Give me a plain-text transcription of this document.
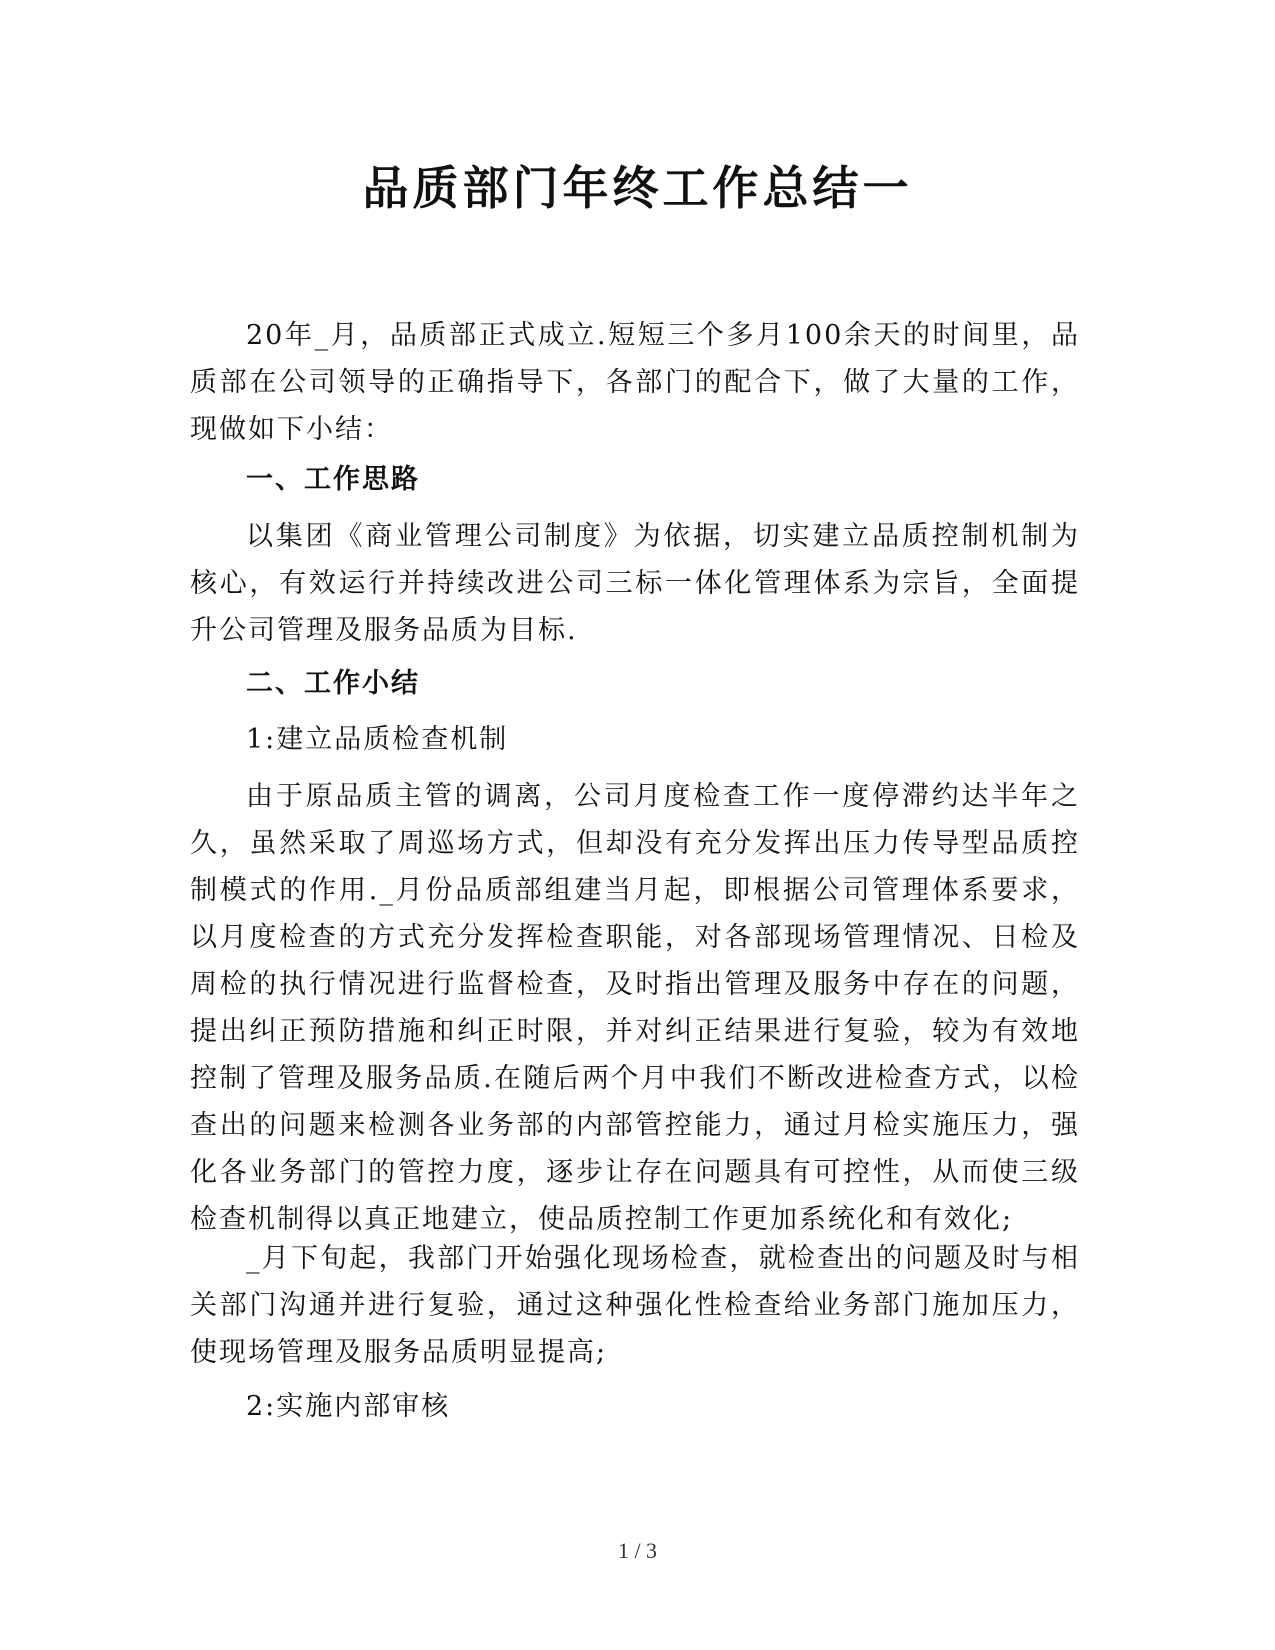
品质部门年终工作总结一

20年_月，品质部正式成立.短短三个多月100余天的时间里，品质部在公司领导的正确指导下，各部门的配合下，做了大量的工作，现做如下小结：

一、工作思路

以集团《商业管理公司制度》为依据，切实建立品质控制机制为核心，有效运行并持续改进公司三标一体化管理体系为宗旨，全面提升公司管理及服务品质为目标.

二、工作小结

1:建立品质检查机制

由于原品质主管的调离，公司月度检查工作一度停滞约达半年之久，虽然采取了周巡场方式，但却没有充分发挥出压力传导型品质控制模式的作用._月份品质部组建当月起，即根据公司管理体系要求，以月度检查的方式充分发挥检查职能，对各部现场管理情况、日检及周检的执行情况进行监督检查，及时指出管理及服务中存在的问题，提出纠正预防措施和纠正时限，并对纠正结果进行复验，较为有效地控制了管理及服务品质.在随后两个月中我们不断改进检查方式，以检查出的问题来检测各业务部的内部管控能力，通过月检实施压力，强化各业务部门的管控力度，逐步让存在问题具有可控性，从而使三级检查机制得以真正地建立，使品质控制工作更加系统化和有效化;

_月下旬起，我部门开始强化现场检查，就检查出的问题及时与相关部门沟通并进行复验，通过这种强化性检查给业务部门施加压力，使现场管理及服务品质明显提高;

2:实施内部审核

1 / 3
